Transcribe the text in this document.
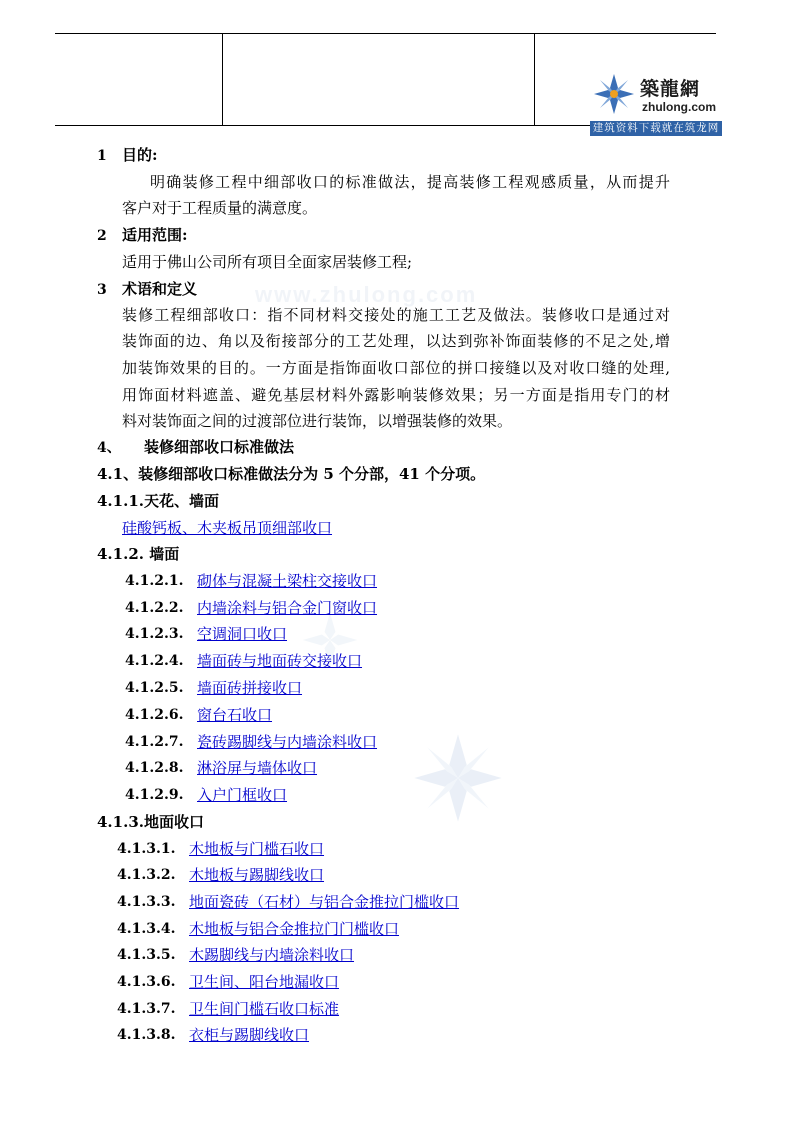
築龍網
zhulong.com
建筑资料下载就在筑龙网
www.zhulong.com
1 目的:
明确装修工程中细部收口的标准做法，提高装修工程观感质量，从而提升
客户对于工程质量的满意度。
2 适用范围:
适用于佛山公司所有项目全面家居装修工程;
3 术语和定义
装修工程细部收口：指不同材料交接处的施工工艺及做法。装修收口是通过对
装饰面的边、角以及衔接部分的工艺处理，以达到弥补饰面装修的不足之处,增
加装饰效果的目的。一方面是指饰面收口部位的拼口接缝以及对收口缝的处理,
用饰面材料遮盖、避免基层材料外露影响装修效果；另一方面是指用专门的材
料对装饰面之间的过渡部位进行装饰，以增强装修的效果。
4、 装修细部收口标准做法
4.1、装修细部收口标准做法分为 5 个分部，41 个分项。
4.1.1.天花、墙面
硅酸钙板、木夹板吊顶细部收口
4.1.2. 墙面
4.1.2.1. 砌体与混凝土梁柱交接收口
4.1.2.2. 内墙涂料与铝合金门窗收口
4.1.2.3. 空调洞口收口
4.1.2.4. 墙面砖与地面砖交接收口
4.1.2.5. 墙面砖拼接收口
4.1.2.6. 窗台石收口
4.1.2.7. 瓷砖踢脚线与内墙涂料收口
4.1.2.8. 淋浴屏与墙体收口
4.1.2.9. 入户门框收口
4.1.3.地面收口
4.1.3.1. 木地板与门槛石收口
4.1.3.2. 木地板与踢脚线收口
4.1.3.3. 地面瓷砖（石材）与铝合金推拉门槛收口
4.1.3.4. 木地板与铝合金推拉门门槛收口
4.1.3.5. 木踢脚线与内墙涂料收口
4.1.3.6. 卫生间、阳台地漏收口
4.1.3.7. 卫生间门槛石收口标准
4.1.3.8. 衣柜与踢脚线收口
